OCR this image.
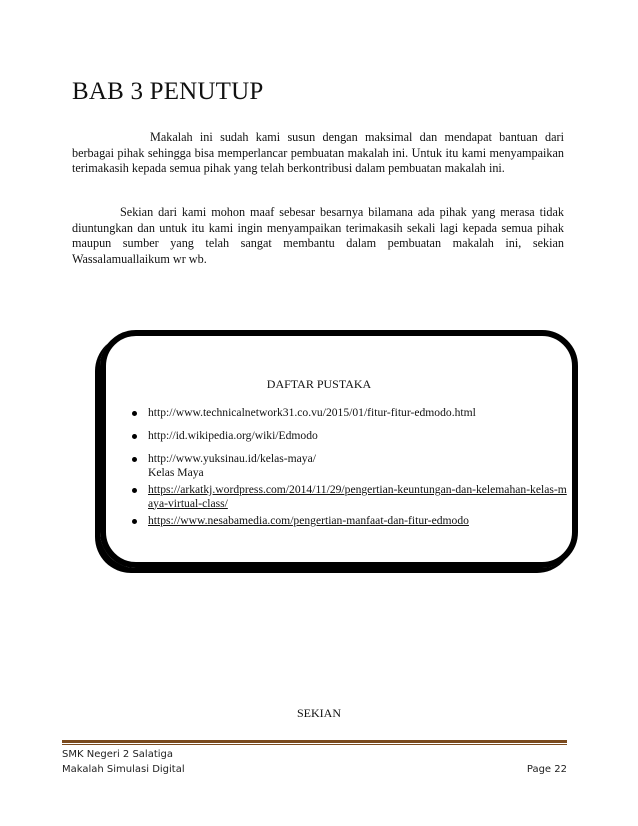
BAB 3 PENUTUP
Makalah ini sudah kami susun dengan maksimal dan mendapat bantuan dari berbagai pihak sehingga bisa memperlancar pembuatan makalah ini. Untuk itu kami menyampaikan terimakasih kepada semua pihak yang telah berkontribusi dalam pembuatan makalah ini.
Sekian dari kami mohon maaf sebesar besarnya bilamana ada pihak yang merasa tidak diuntungkan dan untuk itu kami ingin menyampaikan terimakasih sekali lagi kepada semua pihak maupun sumber yang telah sangat membantu dalam pembuatan makalah ini, sekian Wassalamuallaikum wr wb.
DAFTAR PUSTAKA
http://www.technicalnetwork31.co.vu/2015/01/fitur-fitur-edmodo.html
http://id.wikipedia.org/wiki/Edmodo
http://www.yuksinau.id/kelas-maya/
Kelas Maya
https://arkatkj.wordpress.com/2014/11/29/pengertian-keuntungan-dan-kelemahan-kelas-maya-virtual-class/
https://www.nesabamedia.com/pengertian-manfaat-dan-fitur-edmodo
SEKIAN
SMK Negeri 2 Salatiga
Makalah Simulasi Digital	Page 22
